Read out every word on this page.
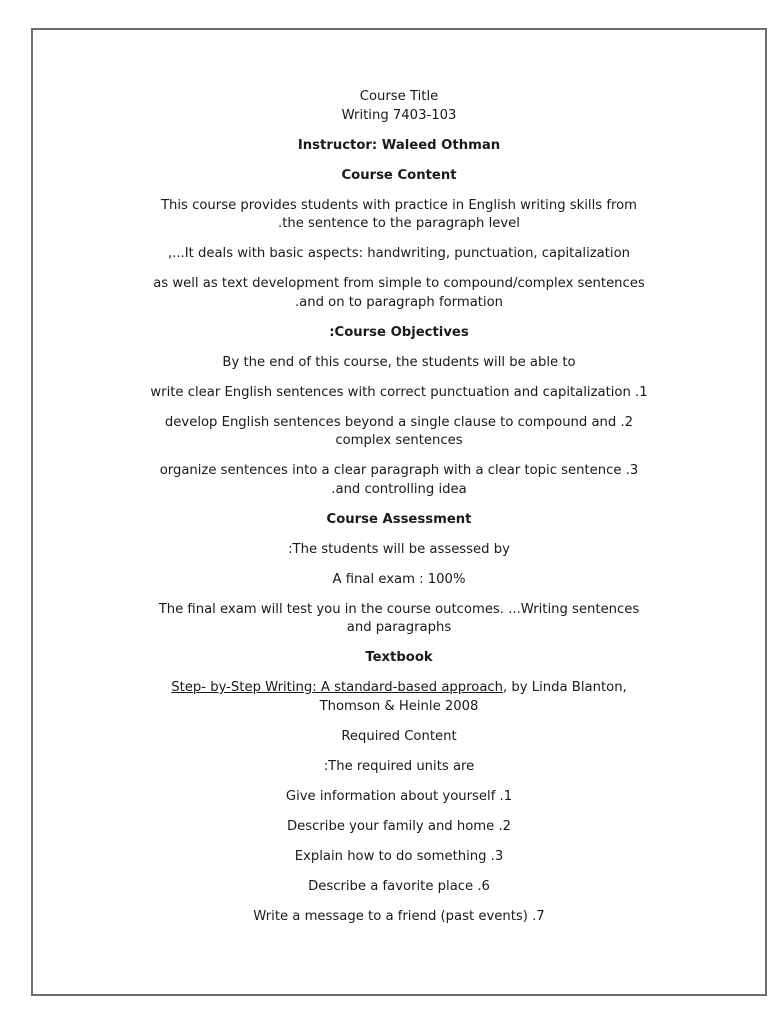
Course Title
Writing 7403-103

Instructor: Waleed Othman

Course Content

This course provides students with practice in English writing skills from
.the sentence to the paragraph level

,...It deals with basic aspects: handwriting, punctuation, capitalization

as well as text development from simple to compound/complex sentences
.and on to paragraph formation

:Course Objectives

By the end of this course, the students will be able to

write clear English sentences with correct punctuation and capitalization .1

develop English sentences beyond a single clause to compound and .2
complex sentences

organize sentences into a clear paragraph with a clear topic sentence .3
.and controlling idea

Course Assessment

:The students will be assessed by

A final exam : 100%

The final exam will test you in the course outcomes. ...Writing sentences
and paragraphs

Textbook

Step- by-Step Writing: A standard-based approach, by Linda Blanton,
Thomson & Heinle 2008

Required Content

:The required units are

Give information about yourself .1

Describe your family and home .2

Explain how to do something .3

Describe a favorite place .6

Write a message to a friend (past events) .7
